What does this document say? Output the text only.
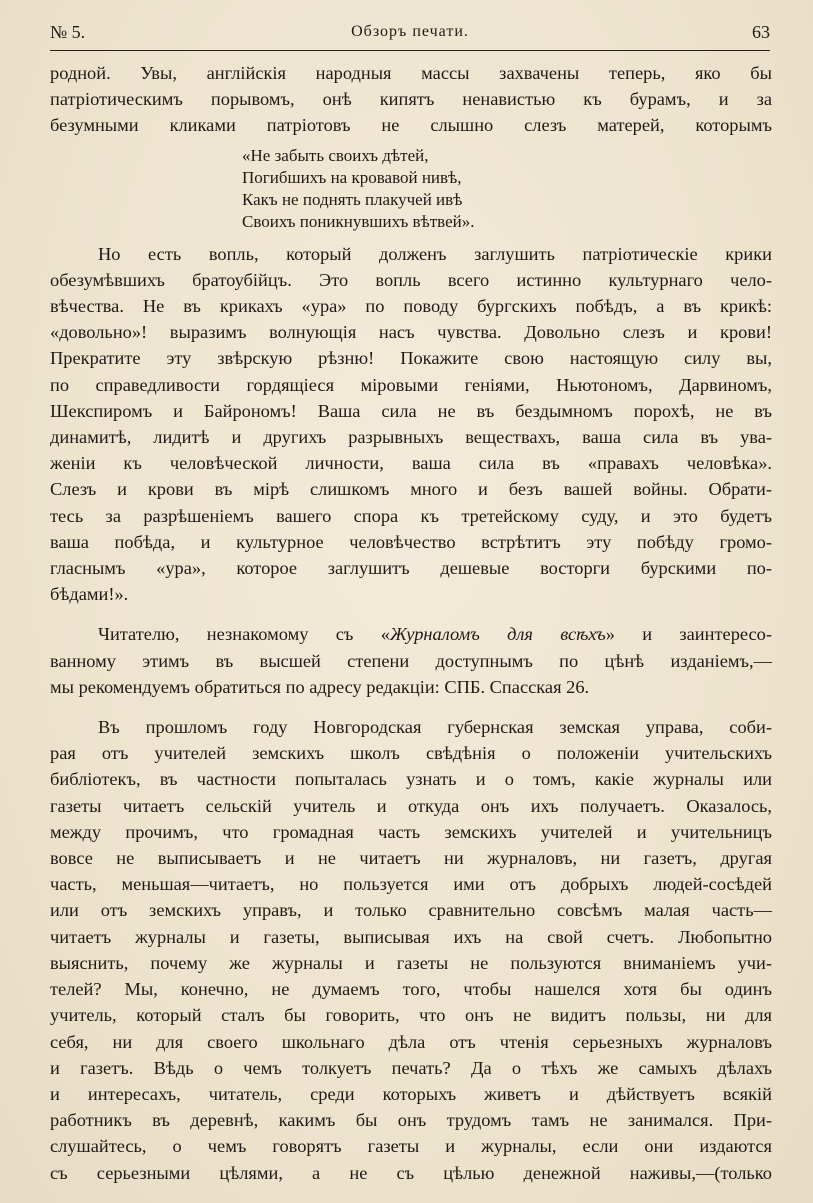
№ 5.	Обзоръ печати.	63
родной. Увы, англійскія народныя массы захвачены теперь, яко бы
патріотическимъ порывомъ, онѣ кипятъ ненавистью къ бурамъ, и за
безумными кликами патріотовъ не слышно слезъ матерей, которымъ
«Не забыть своихъ дѣтей,
Погибшихъ на кровавой нивѣ,
Какъ не поднять плакучей ивѣ
Своихъ поникнувшихъ вѣтвей».
Но есть вопль, который долженъ заглушить патріотическіе крики
обезумѣвшихъ братоубійцъ. Это вопль всего истинно культурнаго чело-
вѣчества. Не въ крикахъ «ура» по поводу бургскихъ побѣдъ, а въ крикѣ:
«довольно»! выразимъ волнующія насъ чувства. Довольно слезъ и крови!
Прекратите эту звѣрскую рѣзню! Покажите свою настоящую силу вы,
по справедливости гордящіеся міровыми геніями, Ньютономъ, Дарвиномъ,
Шекспиромъ и Байрономъ! Ваша сила не въ бездымномъ порохѣ, не въ
динамитѣ, лидитѣ и другихъ разрывныхъ веществахъ, ваша сила въ ува-
женіи къ человѣческой личности, ваша сила въ «правахъ человѣка».
Слезъ и крови въ мірѣ слишкомъ много и безъ вашей войны. Обрати-
тесь за разрѣшеніемъ вашего спора къ третейскому суду, и это будетъ
ваша побѣда, и культурное человѣчество встрѣтитъ эту побѣду громо-
гласнымъ «ура», которое заглушитъ дешевые восторги бурскими по-
бѣдами!».
Читателю, незнакомому съ «Журналомъ для всѣхъ» и заинтересо-
ванному этимъ въ высшей степени доступнымъ по цѣнѣ изданіемъ,—
мы рекомендуемъ обратиться по адресу редакціи: СПБ. Спасская 26.
Въ прошломъ году Новгородская губернская земская управа, соби-
рая отъ учителей земскихъ школъ свѣдѣнія о положеніи учительскихъ
библіотекъ, въ частности попыталась узнать и о томъ, какіе журналы или
газеты читаетъ сельскій учитель и откуда онъ ихъ получаетъ. Оказалось,
между прочимъ, что громадная часть земскихъ учителей и учительницъ
вовсе не выписываетъ и не читаетъ ни журналовъ, ни газетъ, другая
часть, меньшая—читаетъ, но пользуется ими отъ добрыхъ людей-сосѣдей
или отъ земскихъ управъ, и только сравнительно совсѣмъ малая часть—
читаетъ журналы и газеты, выписывая ихъ на свой счетъ. Любопытно
выяснить, почему же журналы и газеты не пользуются вниманіемъ учи-
телей? Мы, конечно, не думаемъ того, чтобы нашелся хотя бы одинъ
учитель, который сталъ бы говорить, что онъ не видитъ пользы, ни для
себя, ни для своего школьнаго дѣла отъ чтенія серьезныхъ журналовъ
и газетъ. Вѣдь о чемъ толкуетъ печать? Да о тѣхъ же самыхъ дѣлахъ
и интересахъ, читатель, среди которыхъ живетъ и дѣйствуетъ всякій
работникъ въ деревнѣ, какимъ бы онъ трудомъ тамъ не занимался. При-
слушайтесь, о чемъ говорятъ газеты и журналы, если они издаются
съ серьезными цѣлями, а не съ цѣлью денежной наживы,—(только
